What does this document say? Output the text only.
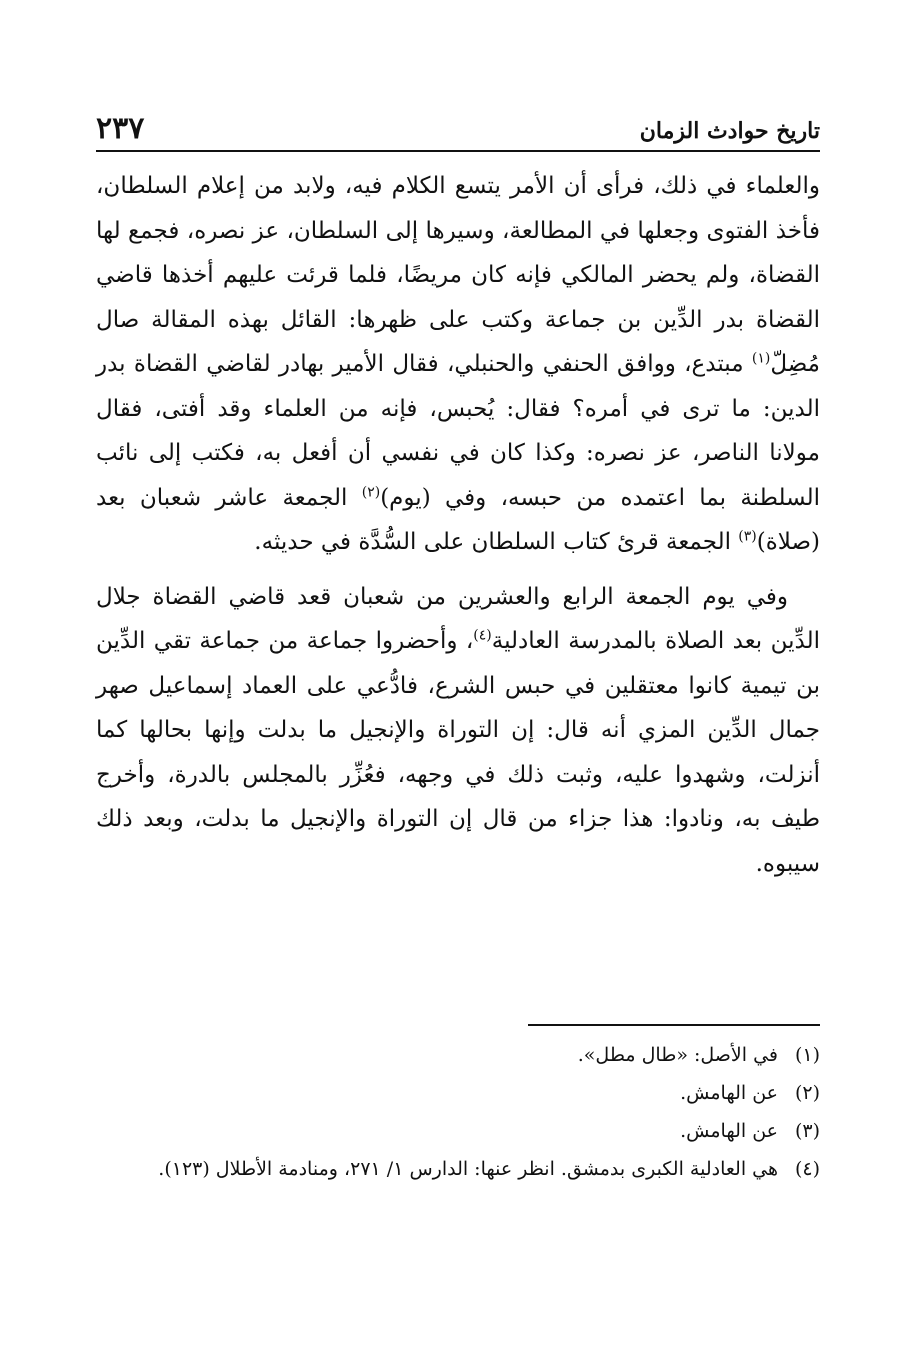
تاريخ حوادث الزمان
٢٣٧

والعلماء في ذلك، فرأى أن الأمر يتسع الكلام فيه، ولابد من إعلام السلطان، فأخذ الفتوى وجعلها في المطالعة، وسيرها إلى السلطان، عز نصره، فجمع لها القضاة، ولم يحضر المالكي فإنه كان مريضًا، فلما قرئت عليهم أخذها قاضي القضاة بدر الدِّين بن جماعة وكتب على ظهرها: القائل بهذه المقالة صال مُضِلّ$^{(١)}$ مبتدع، ووافق الحنفي والحنبلي، فقال الأمير بهادر لقاضي القضاة بدر الدين: ما ترى في أمره؟ فقال: يُحبس، فإنه من العلماء وقد أفتى، فقال مولانا الناصر، عز نصره: وكذا كان في نفسي أن أفعل به، فكتب إلى نائب السلطنة بما اعتمده من حبسه، وفي (يوم)$^{(٢)}$ الجمعة عاشر شعبان بعد (صلاة)$^{(٣)}$ الجمعة قرئ كتاب السلطان على السُّدَّة في حديثه.

وفي يوم الجمعة الرابع والعشرين من شعبان قعد قاضي القضاة جلال الدِّين بعد الصلاة بالمدرسة العادلية$^{(٤)}$، وأحضروا جماعة من جماعة تقي الدِّين بن تيمية كانوا معتقلين في حبس الشرع، فادُّعي على العماد إسماعيل صهر جمال الدِّين المزي أنه قال: إن التوراة والإنجيل ما بدلت وإنها بحالها كما أنزلت، وشهدوا عليه، وثبت ذلك في وجهه، فعُزِّر بالمجلس بالدرة، وأخرج طيف به، ونادوا: هذا جزاء من قال إن التوراة والإنجيل ما بدلت، وبعد ذلك سيبوه.

(١)
في الأصل: «طال مطل».
(٢)
عن الهامش.
(٣)
عن الهامش.
(٤)
هي العادلية الكبرى بدمشق. انظر عنها: الدارس ١/ ٢٧١، ومنادمة الأطلال (١٢٣).
